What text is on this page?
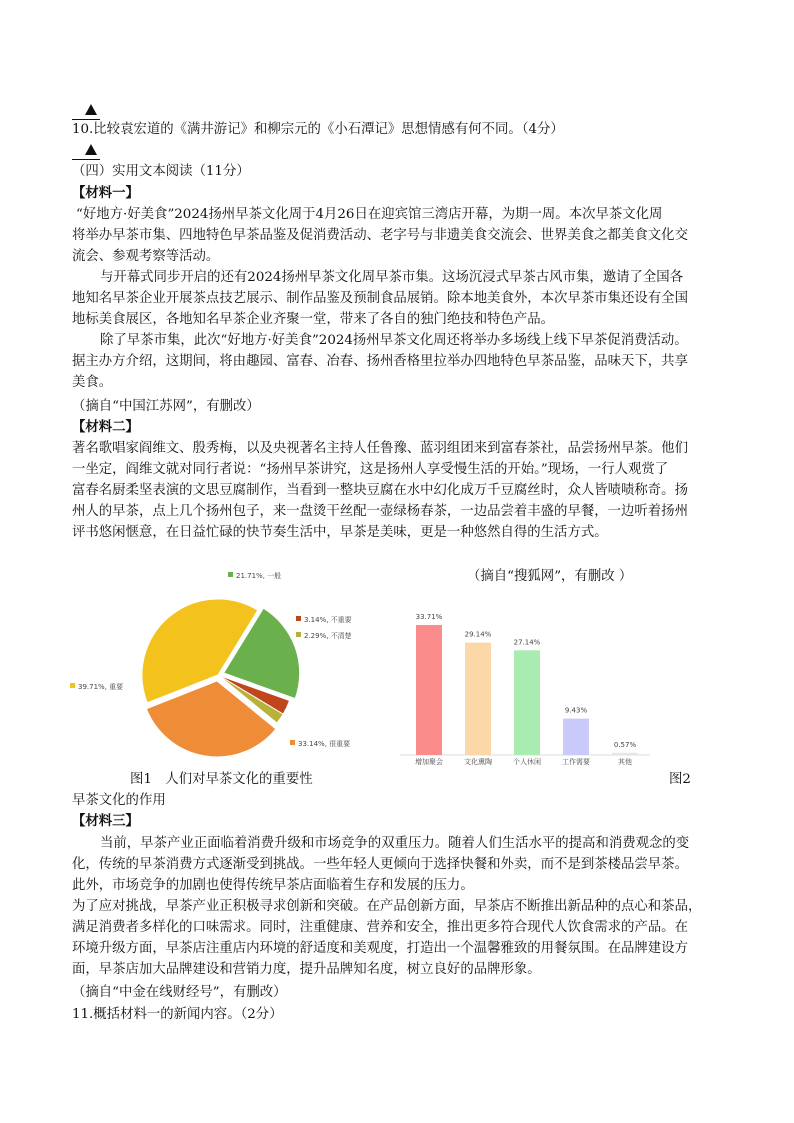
10.比较袁宏道的《满井游记》和柳宗元的《小石潭记》思想情感有何不同。（4分）
（四）实用文本阅读（11分）
【材料一】
“好地方·好美食”2024扬州早茶文化周于4月26日在迎宾馆三湾店开幕，为期一周。本次早茶文化周
将举办早茶市集、四地特色早茶品鉴及促消费活动、老字号与非遗美食交流会、世界美食之都美食文化交
流会、参观考察等活动。
与开幕式同步开启的还有2024扬州早茶文化周早茶市集。这场沉浸式早茶古风市集，邀请了全国各
地知名早茶企业开展茶点技艺展示、制作品鉴及预制食品展销。除本地美食外，本次早茶市集还设有全国
地标美食展区，各地知名早茶企业齐聚一堂，带来了各自的独门绝技和特色产品。
除了早茶市集，此次“好地方·好美食”2024扬州早茶文化周还将举办多场线上线下早茶促消费活动。
据主办方介绍，这期间，将由趣园、富春、冶春、扬州香格里拉举办四地特色早茶品鉴，品味天下，共享
美食。
（摘自“中国江苏网”，有删改）
【材料二】
著名歌唱家阎维文、殷秀梅，以及央视著名主持人任鲁豫、蓝羽组团来到富春茶社，品尝扬州早茶。他们
一坐定，阎维文就对同行者说：“扬州早茶讲究，这是扬州人享受慢生活的开始。”现场，一行人观赏了
富春名厨柔坚表演的文思豆腐制作，当看到一整块豆腐在水中幻化成万千豆腐丝时，众人皆啧啧称奇。扬
州人的早茶，点上几个扬州包子，来一盘烫干丝配一壶绿杨春茶，一边品尝着丰盛的早餐，一边听着扬州
评书悠闲惬意，在日益忙碌的快节奏生活中，早茶是美味，更是一种悠然自得的生活方式。
（摘自“搜狐网”，有删改 ）
21.71%, 一般
3.14%, 不重要
2.29%, 不清楚
33.14%, 很重要
39.71%, 重要
33.71%
增加聚会
29.14%
文化熏陶
27.14%
个人休闲
9.43%
工作需要
0.57%
其他
图1　人们对早茶文化的重要性	图2
早茶文化的作用
【材料三】
当前，早茶产业正面临着消费升级和市场竞争的双重压力。随着人们生活水平的提高和消费观念的变
化，传统的早茶消费方式逐渐受到挑战。一些年轻人更倾向于选择快餐和外卖，而不是到茶楼品尝早茶。
此外，市场竞争的加剧也使得传统早茶店面临着生存和发展的压力。
为了应对挑战，早茶产业正积极寻求创新和突破。在产品创新方面，早茶店不断推出新品种的点心和茶品，
满足消费者多样化的口味需求。同时，注重健康、营养和安全，推出更多符合现代人饮食需求的产品。在
环境升级方面，早茶店注重店内环境的舒适度和美观度，打造出一个温馨雅致的用餐氛围。在品牌建设方
面，早茶店加大品牌建设和营销力度，提升品牌知名度，树立良好的品牌形象。
（摘自“中金在线财经号”，有删改）
11.概括材料一的新闻内容。（2分）
